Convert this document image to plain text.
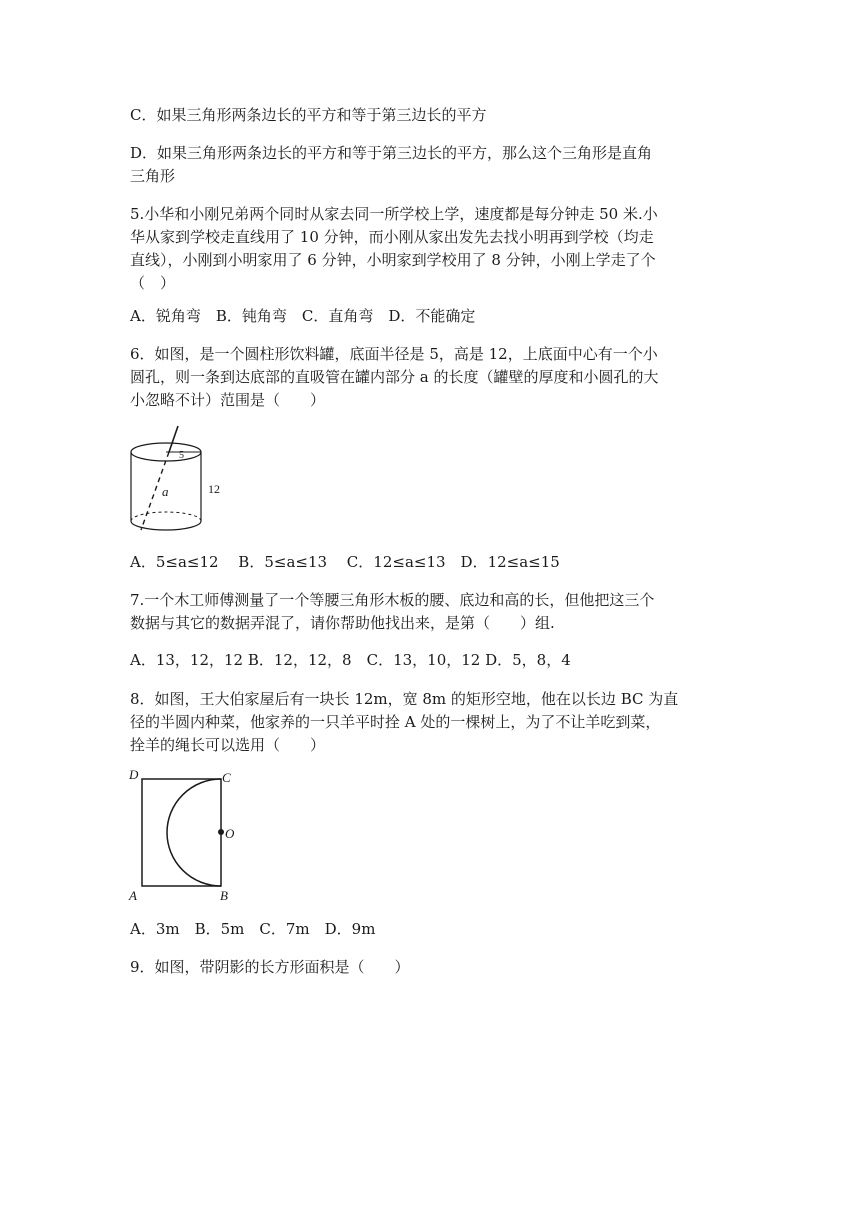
C．如果三角形两条边长的平方和等于第三边长的平方

D．如果三角形两条边长的平方和等于第三边长的平方，那么这个三角形是直角

三角形

5.小华和小刚兄弟两个同时从家去同一所学校上学，速度都是每分钟走 50 米.小

华从家到学校走直线用了 10 分钟，而小刚从家出发先去找小明再到学校（均走

直线），小刚到小明家用了 6 分钟，小明家到学校用了 8 分钟，小刚上学走了个

（　）

A．锐角弯　B．钝角弯　C．直角弯　D．不能确定

6．如图，是一个圆柱形饮料罐，底面半径是 5，高是 12，上底面中心有一个小

圆孔，则一条到达底部的直吸管在罐内部分 a 的长度（罐壁的厚度和小圆孔的大

小忽略不计）范围是（　　）

5
a	12

A．5≤a≤12　 B．5≤a≤13　 C．12≤a≤13　D．12≤a≤15

7.一个木工师傅测量了一个等腰三角形木板的腰、底边和高的长，但他把这三个

数据与其它的数据弄混了，请你帮助他找出来，是第（　　）组.

A．13，12，12 B．12，12，8　C．13，10，12 D．5，8，4

8．如图，王大伯家屋后有一块长 12m，宽 8m 的矩形空地，他在以长边 BC 为直

径的半圆内种菜，他家养的一只羊平时拴 A 处的一棵树上，为了不让羊吃到菜，

拴羊的绳长可以选用（　　）

D	C
O
A	B

A．3m　B．5m　C．7m　D．9m

9．如图，带阴影的长方形面积是（　　）
